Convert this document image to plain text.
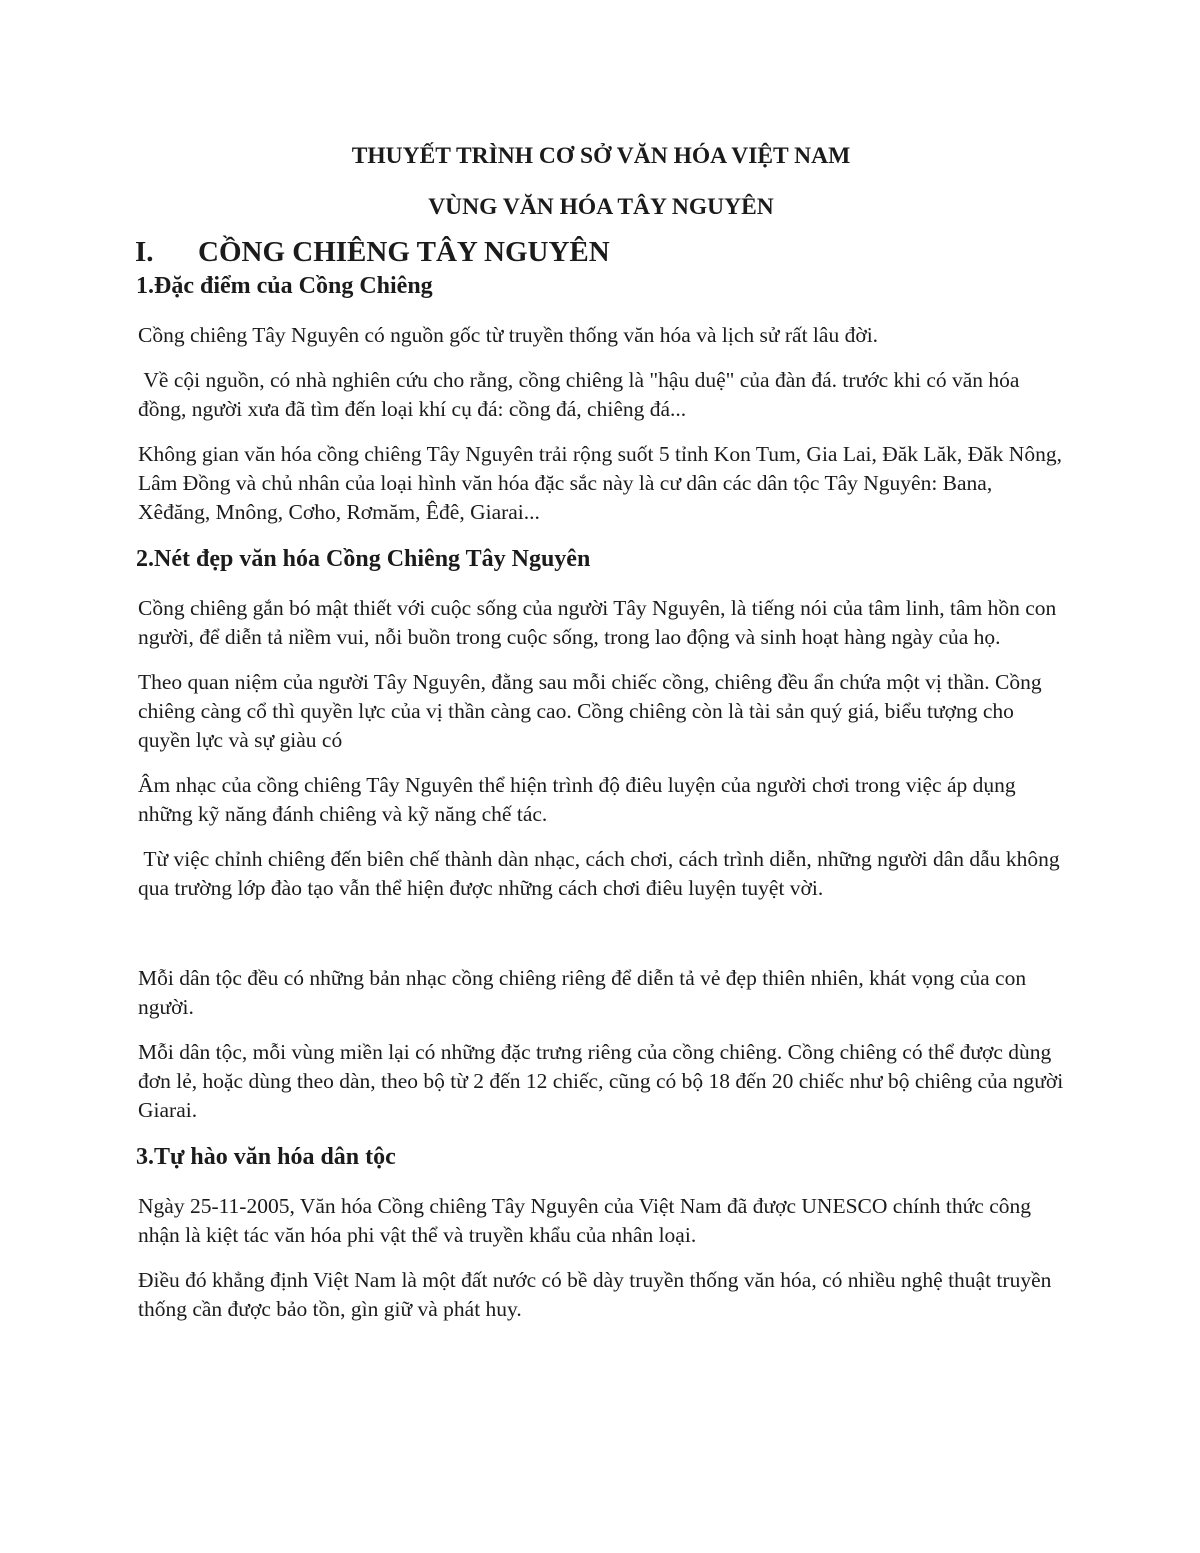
THUYẾT TRÌNH CƠ SỞ VĂN HÓA VIỆT NAM
VÙNG VĂN HÓA TÂY NGUYÊN
I. CỒNG CHIÊNG TÂY NGUYÊN
1.Đặc điểm của Cồng Chiêng

Cồng chiêng Tây Nguyên có nguồn gốc từ truyền thống văn hóa và lịch sử rất lâu đời.

Về cội nguồn, có nhà nghiên cứu cho rằng, cồng chiêng là "hậu duệ" của đàn đá. trước khi có văn hóa đồng, người xưa đã tìm đến loại khí cụ đá: cồng đá, chiêng đá...

Không gian văn hóa cồng chiêng Tây Nguyên trải rộng suốt 5 tỉnh Kon Tum, Gia Lai, Đăk Lăk, Đăk Nông, Lâm Đồng và chủ nhân của loại hình văn hóa đặc sắc này là cư dân các dân tộc Tây Nguyên: Bana, Xêđăng, Mnông, Cơho, Rơmăm, Êđê, Giarai...

2.Nét đẹp văn hóa Cồng Chiêng Tây Nguyên

Cồng chiêng gắn bó mật thiết với cuộc sống của người Tây Nguyên, là tiếng nói của tâm linh, tâm hồn con người, để diễn tả niềm vui, nỗi buồn trong cuộc sống, trong lao động và sinh hoạt hàng ngày của họ.

Theo quan niệm của người Tây Nguyên, đằng sau mỗi chiếc cồng, chiêng đều ẩn chứa một vị thần. Cồng chiêng càng cổ thì quyền lực của vị thần càng cao. Cồng chiêng còn là tài sản quý giá, biểu tượng cho quyền lực và sự giàu có

Âm nhạc của cồng chiêng Tây Nguyên thể hiện trình độ điêu luyện của người chơi trong việc áp dụng những kỹ năng đánh chiêng và kỹ năng chế tác.

Từ việc chỉnh chiêng đến biên chế thành dàn nhạc, cách chơi, cách trình diễn, những người dân dẫu không qua trường lớp đào tạo vẫn thể hiện được những cách chơi điêu luyện tuyệt vời.

Mỗi dân tộc đều có những bản nhạc cồng chiêng riêng để diễn tả vẻ đẹp thiên nhiên, khát vọng của con người.

Mỗi dân tộc, mỗi vùng miền lại có những đặc trưng riêng của cồng chiêng. Cồng chiêng có thể được dùng đơn lẻ, hoặc dùng theo dàn, theo bộ từ 2 đến 12 chiếc, cũng có bộ 18 đến 20 chiếc như bộ chiêng của người Giarai.

3.Tự hào văn hóa dân tộc

Ngày 25-11-2005, Văn hóa Cồng chiêng Tây Nguyên của Việt Nam đã được UNESCO chính thức công nhận là kiệt tác văn hóa phi vật thể và truyền khẩu của nhân loại.

Điều đó khẳng định Việt Nam là một đất nước có bề dày truyền thống văn hóa, có nhiều nghệ thuật truyền thống cần được bảo tồn, gìn giữ và phát huy.
